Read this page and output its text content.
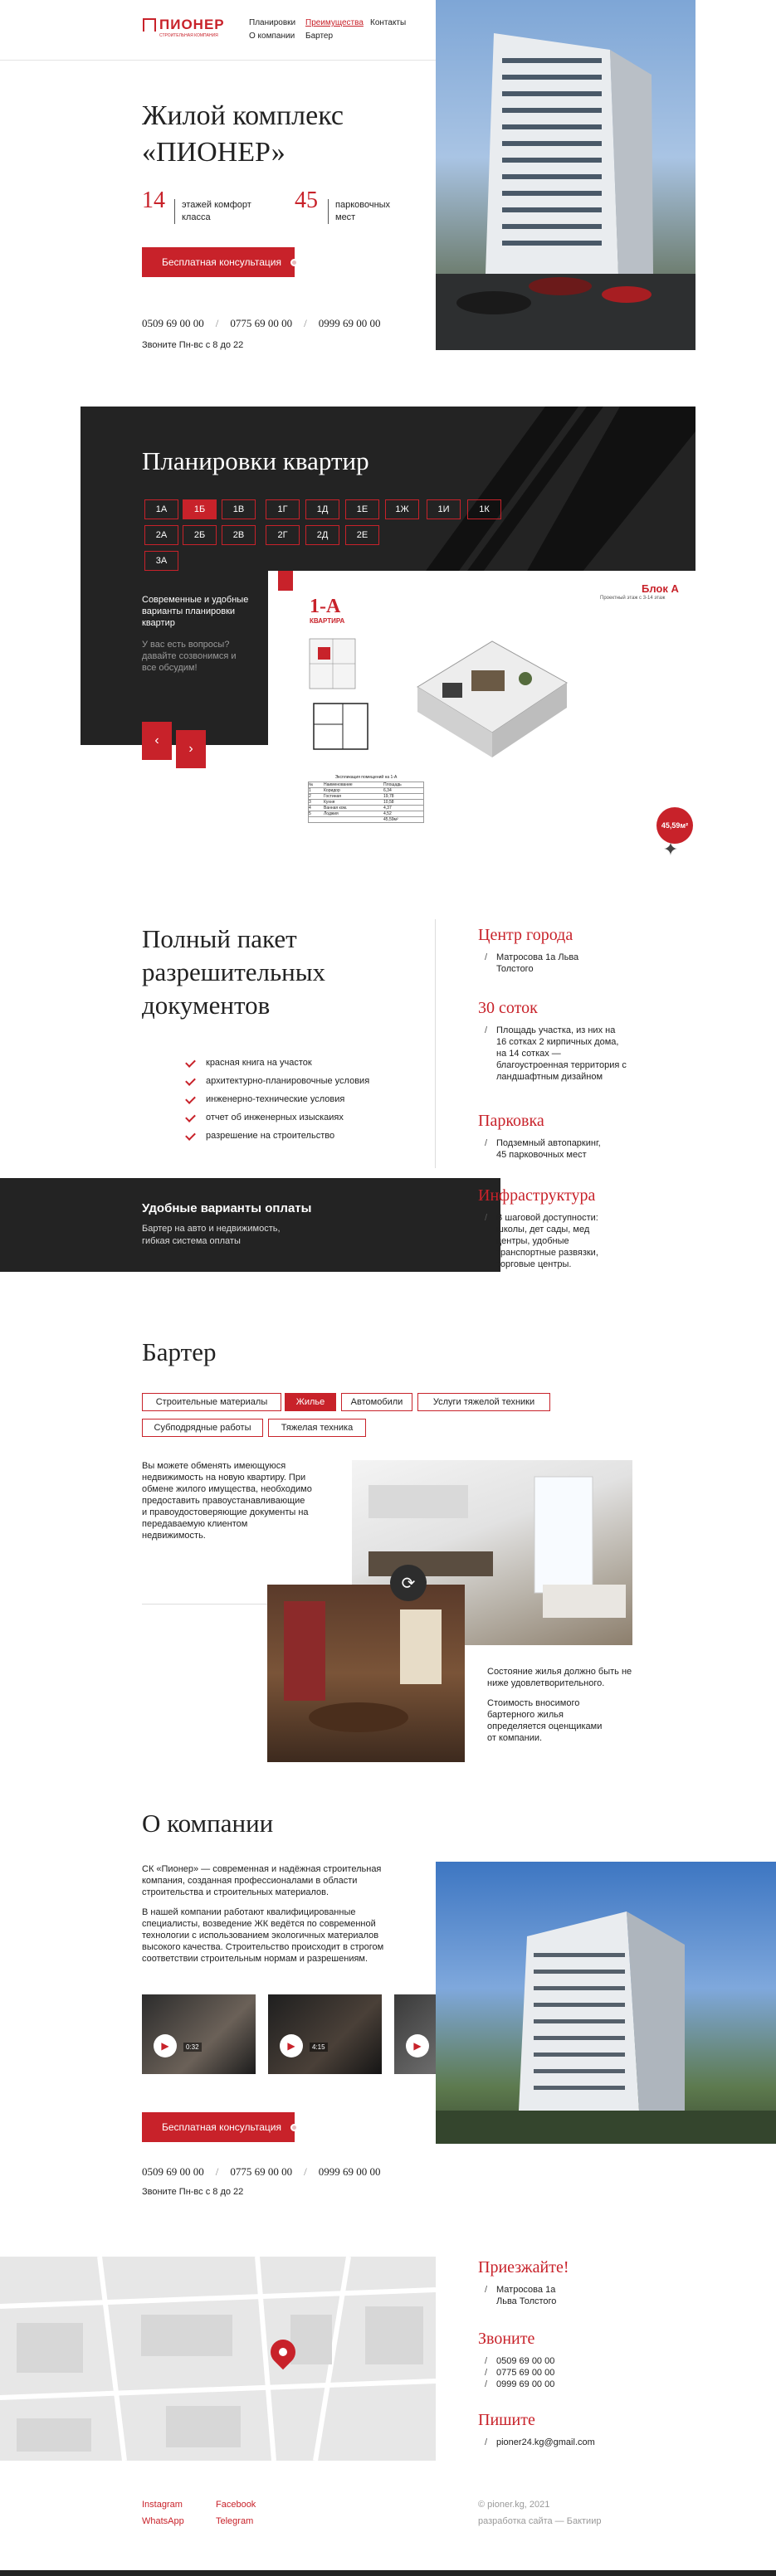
ПИОНЕР
СТРОИТЕЛЬНАЯ КОМПАНИЯ
Планировки Преимущества Контакты
О компании Бартер
Жилой комплекс
«ПИОНЕР»
14	этажей комфорт класса
45	парковочных мест
Бесплатная консультация
0509 69 00 00 / 0775 69 00 00 / 0999 69 00 00
Звоните Пн-вс с 8 до 22
Планировки квартир
1А	1Б	1В	1Г	1Д	1Е	1Ж	1И	1К
2А	2Б	2В	2Г	2Д	2Е
3А
Современные и удобные варианты планировки квартир
У вас есть вопросы? давайте созвонимся и все обсудим!
‹
›
1-А
КВАРТИРА
Блок А
Проектный этаж с 3-14 этаж
45,59м²
Экспликация помещений на 1-А
№	Наименование	Площадь
1	Коридор	6,34
2	Гостиная	19,78
3	Кухня	10,58
4	Ванная ком.	4,37
5	Лоджия	4,52
45,59м²
✦
Полный пакет
разрешительных
документов
красная книга на участок
архитектурно-планировочные условия
инженерно-технические условия
отчет об инженерных изыскаиях
разрешение на строительство
Удобные варианты оплаты
Бартер на авто и недвижимость, гибкая система оплаты
Центр города
/ Матросова 1а Льва Толстого
30 соток
/ Площадь участка, из них на 16 сотках 2 кирпичных дома, на 14 сотках — благоустроенная территория с ландшафтным дизайном
Парковка
/ Подземный автопаркинг, 45 парковочных мест
Инфраструктура
/ В шаговой доступности: школы, дет сады, мед центры, удобные транспортные развязки, торговые центры.
Бартер
Строительные материалы	Жилье	Автомобили	Услуги тяжелой техники
Субподрядные работы	Тяжелая техника
Вы можете обменять имеющуюся недвижимость на новую квартиру. При обмене жилого имущества, необходимо предоставить правоустанавливающие и правоудостоверяющие документы на передаваемую клиентом недвижимость.
⟳
Состояние жилья должно быть не ниже удовлетворительного.
Стоимость вносимого бартерного жилья определяется оценщиками от компании.
О компании
СК «Пионер» — современная и надёжная строительная компания, созданная профессионалами в области строительства и строительных материалов.
В нашей компании работают квалифицированные специалисты, возведение ЖК ведётся по современной технологии с использованием экологичных материалов высокого качества. Строительство происходит в строгом соответствии строительным нормам и разрешениям.
▶	0:32	▶	4:15	▶
Бесплатная консультация
0509 69 00 00 / 0775 69 00 00 / 0999 69 00 00
Звоните Пн-вс с 8 до 22
Приезжайте!
/ Матросова 1а Льва Толстого
Звоните
/ 0509 69 00 00
/ 0775 69 00 00
/ 0999 69 00 00
Пишите
/ pioner24.kg@gmail.com
Instagram	Facebook
WhatsApp	Telegram
© pioner.kg, 2021
разработка сайта — Бактиир
